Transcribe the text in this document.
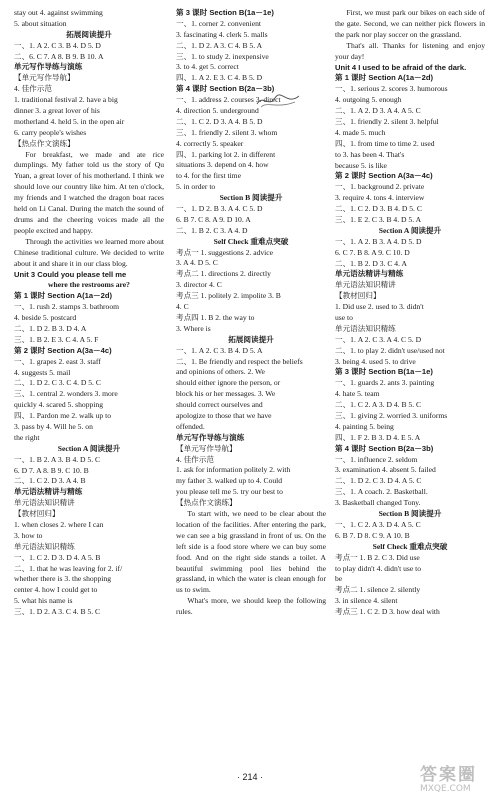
stay out 4. against swimming
5. about situation
拓展阅读提升
一、1. A 2. C 3. B 4. D 5. D
二、6. C 7. A 8. B 9. B 10. A
单元写作导练与演练
【单元写作导航】
4. 佳作示范
1. traditional festival 2. have a big
dinner 3. a great lover of his
motherland 4. held 5. in the open air
6. carry people's wishes
【热点作文演练】

For breakfast, we made and ate rice dumplings. My father told us the story of Qu Yuan, a great lover of his motherland. I think we should love our country like him. At ten o'clock, my friends and I watched the dragon boat races held on Li Canal. During the match the sound of drums and the cheering voices made all the people excited and happy.

Through the activities we learned more about Chinese traditional culture. We decided to write about it and share it in our class blog.

Unit 3 Could you please tell me
where the restrooms are?
第 1 课时 Section A(1a－2d)
一、1. rush 2. stamps 3. bathroom
4. beside 5. postcard
二、1. D 2. B 3. D 4. A
三、1. B 2. E 3. C 4. A 5. F
第 2 课时 Section A(3a－4c)
一、1. grapes 2. east 3. staff
4. suggests 5. mail
二、1. D 2. C 3. C 4. D 5. C
三、1. central 2. wonders 3. more
quickly 4. scared 5. shopping
四、1. Pardon me 2. walk up to
3. pass by 4. Will he 5. on
the right
Section A 阅读提升
一、1. B 2. A 3. B 4. D 5. C
6. D 7. A 8. B 9. C 10. B
二、1. C 2. D 3. A 4. B
单元语法精讲与精练
单元语法知识精讲
【教材回归】
1. when closes 2. where I can
3. how to
单元语法知识精练
一、1. C 2. D 3. D 4. A 5. B
二、1. that he was leaving for 2. if/
whether there is 3. the shopping
center 4. how I could get to
5. what his name is
三、1. D 2. A 3. C 4. B 5. C
第 3 课时 Section B(1a－1e)
一、1. corner 2. convenient
3. fascinating 4. clerk 5. malls
二、1. D 2. A 3. C 4. B 5. A
三、1. to study 2. inexpensive
3. to 4. get 5. correct
四、1. A 2. E 3. C 4. B 5. D
第 4 课时 Section B(2a－3b)
一、1. address 2. courses 3. direct
4. direction 5. underground
二、1. C 2. D 3. A 4. B 5. D
三、1. friendly 2. silent 3. whom
4. correctly 5. speaker
四、1. parking lot 2. in different
situations 3. depend on 4. how
to 4. for the first time
5. in order to
Section B 阅读提升
一、1. D 2. B 3. A 4. C 5. D
6. B 7. C 8. A 9. D 10. A
二、1. B 2. C 3. A 4. D
Self Check 重难点突破
考点一 1. suggestions 2. advice
3. A 4. D 5. C
考点二 1. directions 2. directly
3. director 4. C
考点三 1. politely 2. impolite 3. B
4. C
考点四 1. B 2. the way to
3. Where is
拓展阅读提升
一、1. A 2. C 3. B 4. D 5. A
二、1. Be friendly and respect the beliefs
and opinions of others. 2. We
should either ignore the person, or
block his or her messages. 3. We
should correct ourselves and
apologize to those that we have
offended.
单元写作导练与演练
【单元写作导航】
4. 佳作示范
1. ask for information politely 2. with
my father 3. walked up to 4. Could
you please tell me 5. try our best to
【热点作文演练】

To start with, we need to be clear about the location of the facilities. After entering the park, we can see a big grassland in front of us. On the left side is a food store where we can buy some food. And on the right side stands a toilet. A beautiful swimming pool lies behind the grassland, in which the water is clean enough for us to swim.

What's more, we should keep the following rules.

First, we must park our bikes on each side of the gate. Second, we can neither pick flowers in the park nor play soccer on the grassland.

That's all. Thanks for listening and enjoy your day!

Unit 4 I used to be afraid of the dark.
第 1 课时 Section A(1a－2d)
一、1. serious 2. scores 3. humorous
4. outgoing 5. enough
二、1. A 2. D 3. A 4. A 5. C
三、1. friendly 2. silent 3. helpful
4. made 5. much
四、1. from time to time 2. used
to 3. has been 4. That's
because 5. is like
第 2 课时 Section A(3a－4c)
一、1. background 2. private
3. require 4. tons 4. interview
二、1. C 2. D 3. B 4. D 5. C
三、1. E 2. C 3. B 4. D 5. A
Section A 阅读提升
一、1. A 2. B 3. A 4. D 5. D
6. C 7. B 8. A 9. C 10. D
二、1. B 2. D 3. C 4. A
单元语法精讲与精练
单元语法知识精讲
【教材回归】
1. Did use 2. used to 3. didn't
use to
单元语法知识精练
一、1. A 2. C 3. A 4. C 5. D
二、1. to play 2. didn't use/used not
3. being 4. used 5. to drive
第 3 课时 Section B(1a－1e)
一、1. guards 2. ants 3. painting
4. hate 5. team
二、1. C 2. A 3. D 4. B 5. C
三、1. giving 2. worried 3. uniforms
4. painting 5. being
四、1. F 2. B 3. D 4. E 5. A
第 4 课时 Section B(2a－3b)
一、1. influence 2. seldom
3. examination 4. absent 5. failed
二、1. D 2. C 3. D 4. A 5. C
三、1. A coach. 2. Basketball.
3. Basketball changed Tony.
Section B 阅读提升
一、1. C 2. A 3. D 4. A 5. C
6. B 7. D 8. C 9. A 10. B
Self Check 重难点突破
考点一 1. B 2. C 3. Did use
to play didn't 4. didn't use to
be
考点二 1. silence 2. silently
3. in silence 4. silent
考点三 1. C 2. D 3. how deal with
· 214 ·	答案圈
MXQE.COM
